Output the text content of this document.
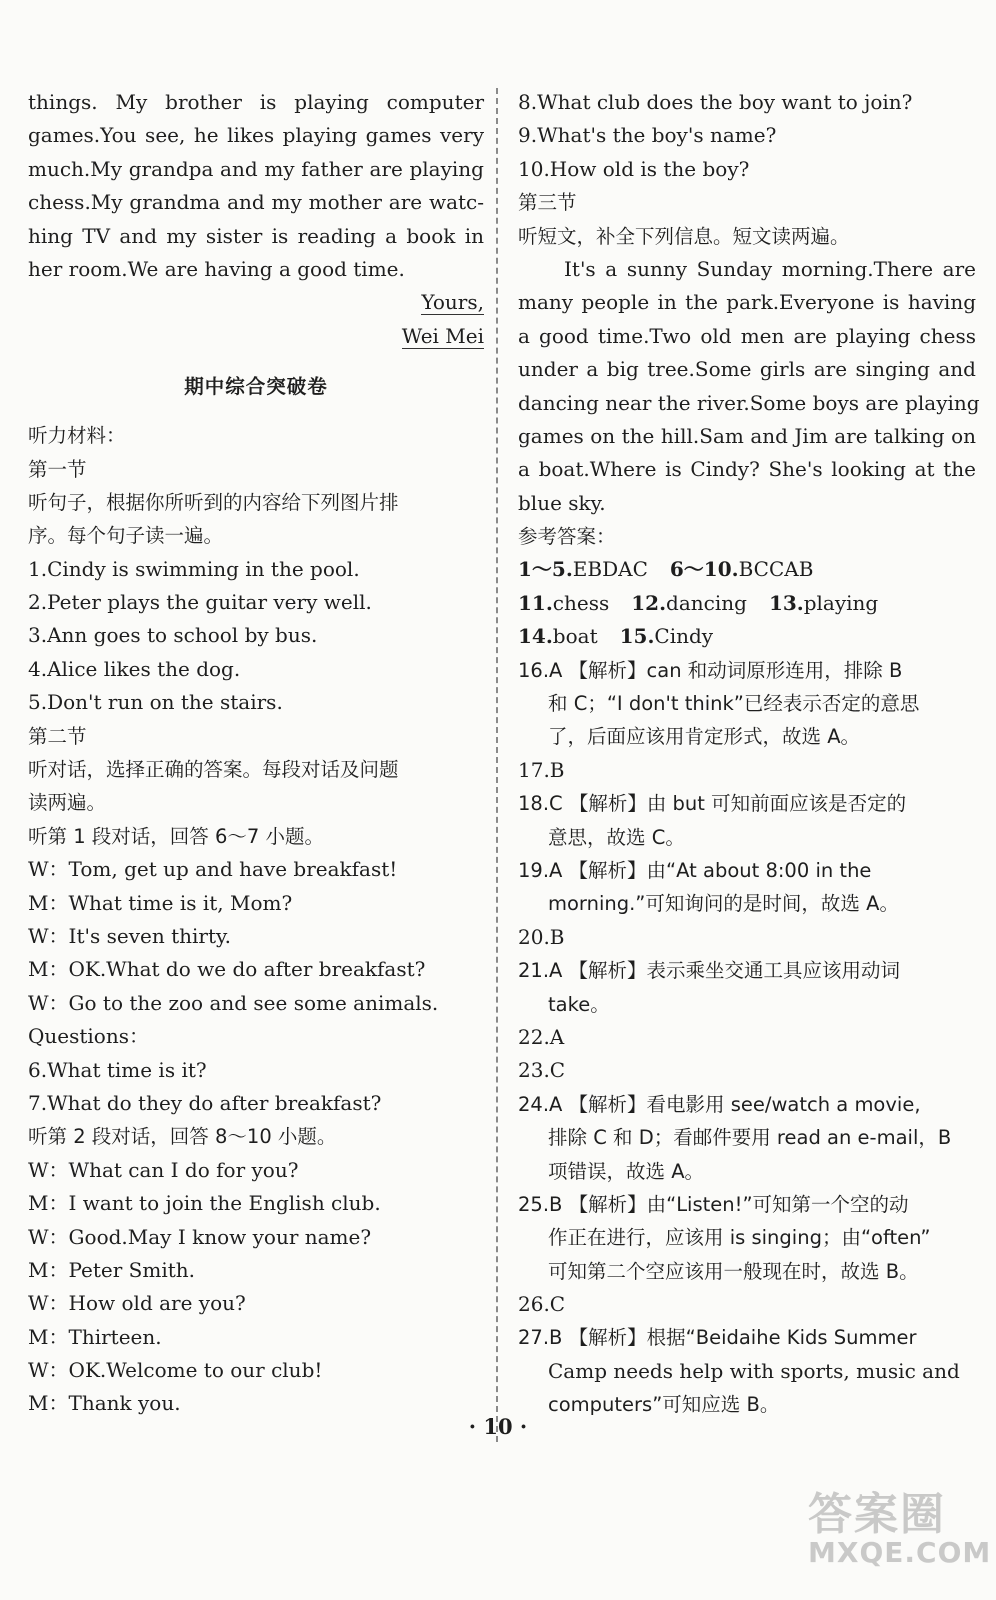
things. My brother is playing computer
games.You see, he likes playing games very
much.My grandpa and my father are playing
chess.My grandma and my mother are watc-
hing TV and my sister is reading a book in
her room.We are having a good time.
Yours,
Wei Mei
期中综合突破卷
听力材料：
第一节
听句子，根据你所听到的内容给下列图片排
序。每个句子读一遍。
1.Cindy is swimming in the pool.
2.Peter plays the guitar very well.
3.Ann goes to school by bus.
4.Alice likes the dog.
5.Don't run on the stairs.
第二节
听对话，选择正确的答案。每段对话及问题
读两遍。
听第 1 段对话，回答 6～7 小题。
W：Tom, get up and have breakfast!
M：What time is it, Mom?
W：It's seven thirty.
M：OK.What do we do after breakfast?
W：Go to the zoo and see some animals.
Questions：
6.What time is it?
7.What do they do after breakfast?
听第 2 段对话，回答 8～10 小题。
W：What can I do for you?
M：I want to join the English club.
W：Good.May I know your name?
M：Peter Smith.
W：How old are you?
M：Thirteen.
W：OK.Welcome to our club!
M：Thank you.
8.What club does the boy want to join?
9.What's the boy's name?
10.How old is the boy?
第三节
听短文，补全下列信息。短文读两遍。
It's a sunny Sunday morning.There are
many people in the park.Everyone is having
a good time.Two old men are playing chess
under a big tree.Some girls are singing and
dancing near the river.Some boys are playing
games on the hill.Sam and Jim are talking on
a boat.Where is Cindy? She's looking at the
blue sky.
参考答案：
1～5.EBDAC 6～10.BCCAB
11.chess 12.dancing 13.playing
14.boat 15.Cindy
16.A 【解析】can 和动词原形连用，排除 B
和 C；“I don't think”已经表示否定的意思
了，后面应该用肯定形式，故选 A。
17.B
18.C 【解析】由 but 可知前面应该是否定的
意思，故选 C。
19.A 【解析】由“At about 8:00 in the
morning.”可知询问的是时间，故选 A。
20.B
21.A 【解析】表示乘坐交通工具应该用动词
take。
22.A
23.C
24.A 【解析】看电影用 see/watch a movie,
排除 C 和 D；看邮件要用 read an e-mail，B
项错误，故选 A。
25.B 【解析】由“Listen!”可知第一个空的动
作正在进行，应该用 is singing；由“often”
可知第二个空应该用一般现在时，故选 B。
26.C
27.B 【解析】根据“Beidaihe Kids Summer
Camp needs help with sports, music and
computers”可知应选 B。
· 10 ·
答案圈
MXQE.COM
